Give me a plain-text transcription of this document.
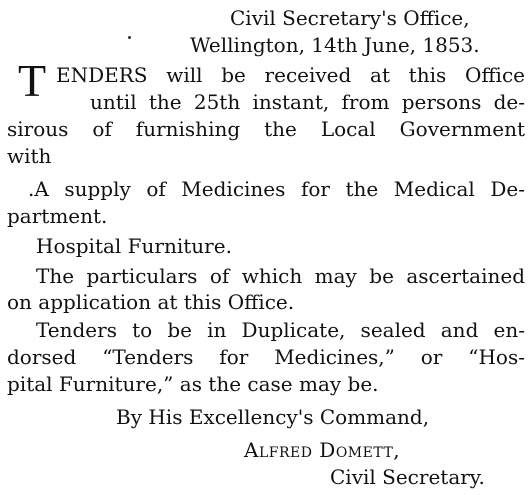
Civil Secretary's Office,
Wellington, 14th June, 1853.
T ENDERS will be received at this Office
until the 25th instant, from persons de-
sirous of furnishing the Local Government
with
.A supply of Medicines for the Medical De-
partment.
Hospital Furniture.
The particulars of which may be ascertained
on application at this Office.
Tenders to be in Duplicate, sealed and en-
dorsed “Tenders for Medicines,” or “Hos-
pital Furniture,” as the case may be.
By His Excellency's Command,
Alfred Domett,
Civil Secretary.
